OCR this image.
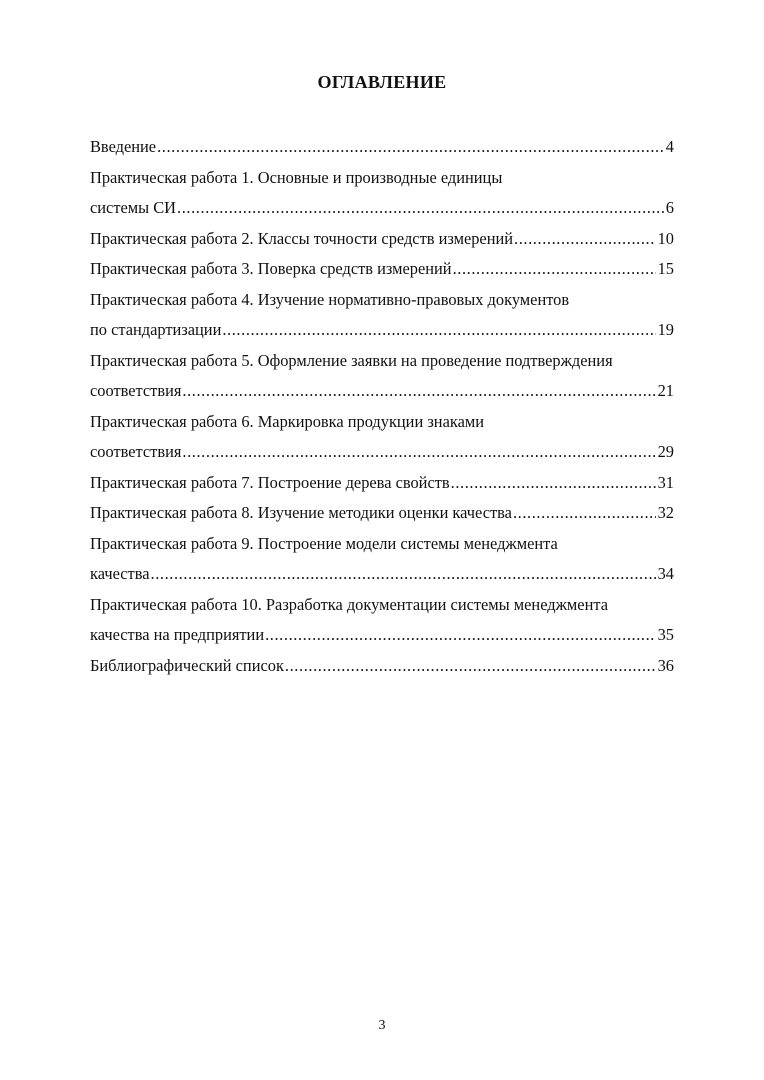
ОГЛАВЛЕНИЕ
Введение .....	4
Практическая работа 1. Основные и производные единицы
системы СИ .....	6
Практическая работа 2. Классы точности средств измерений .....	10
Практическая работа 3. Поверка средств измерений .....	15
Практическая работа 4. Изучение нормативно-правовых документов
по стандартизации .....	19
Практическая работа 5. Оформление заявки на проведение подтверждения
соответствия .....	21
Практическая работа 6. Маркировка продукции знаками
соответствия .....	29
Практическая работа 7. Построение дерева свойств .....	31
Практическая работа 8. Изучение методики оценки качества .....	32
Практическая работа 9. Построение модели системы менеджмента
качества .....	34
Практическая работа 10. Разработка документации системы менеджмента
качества на предприятии .....	35
Библиографический список .....	36
3
